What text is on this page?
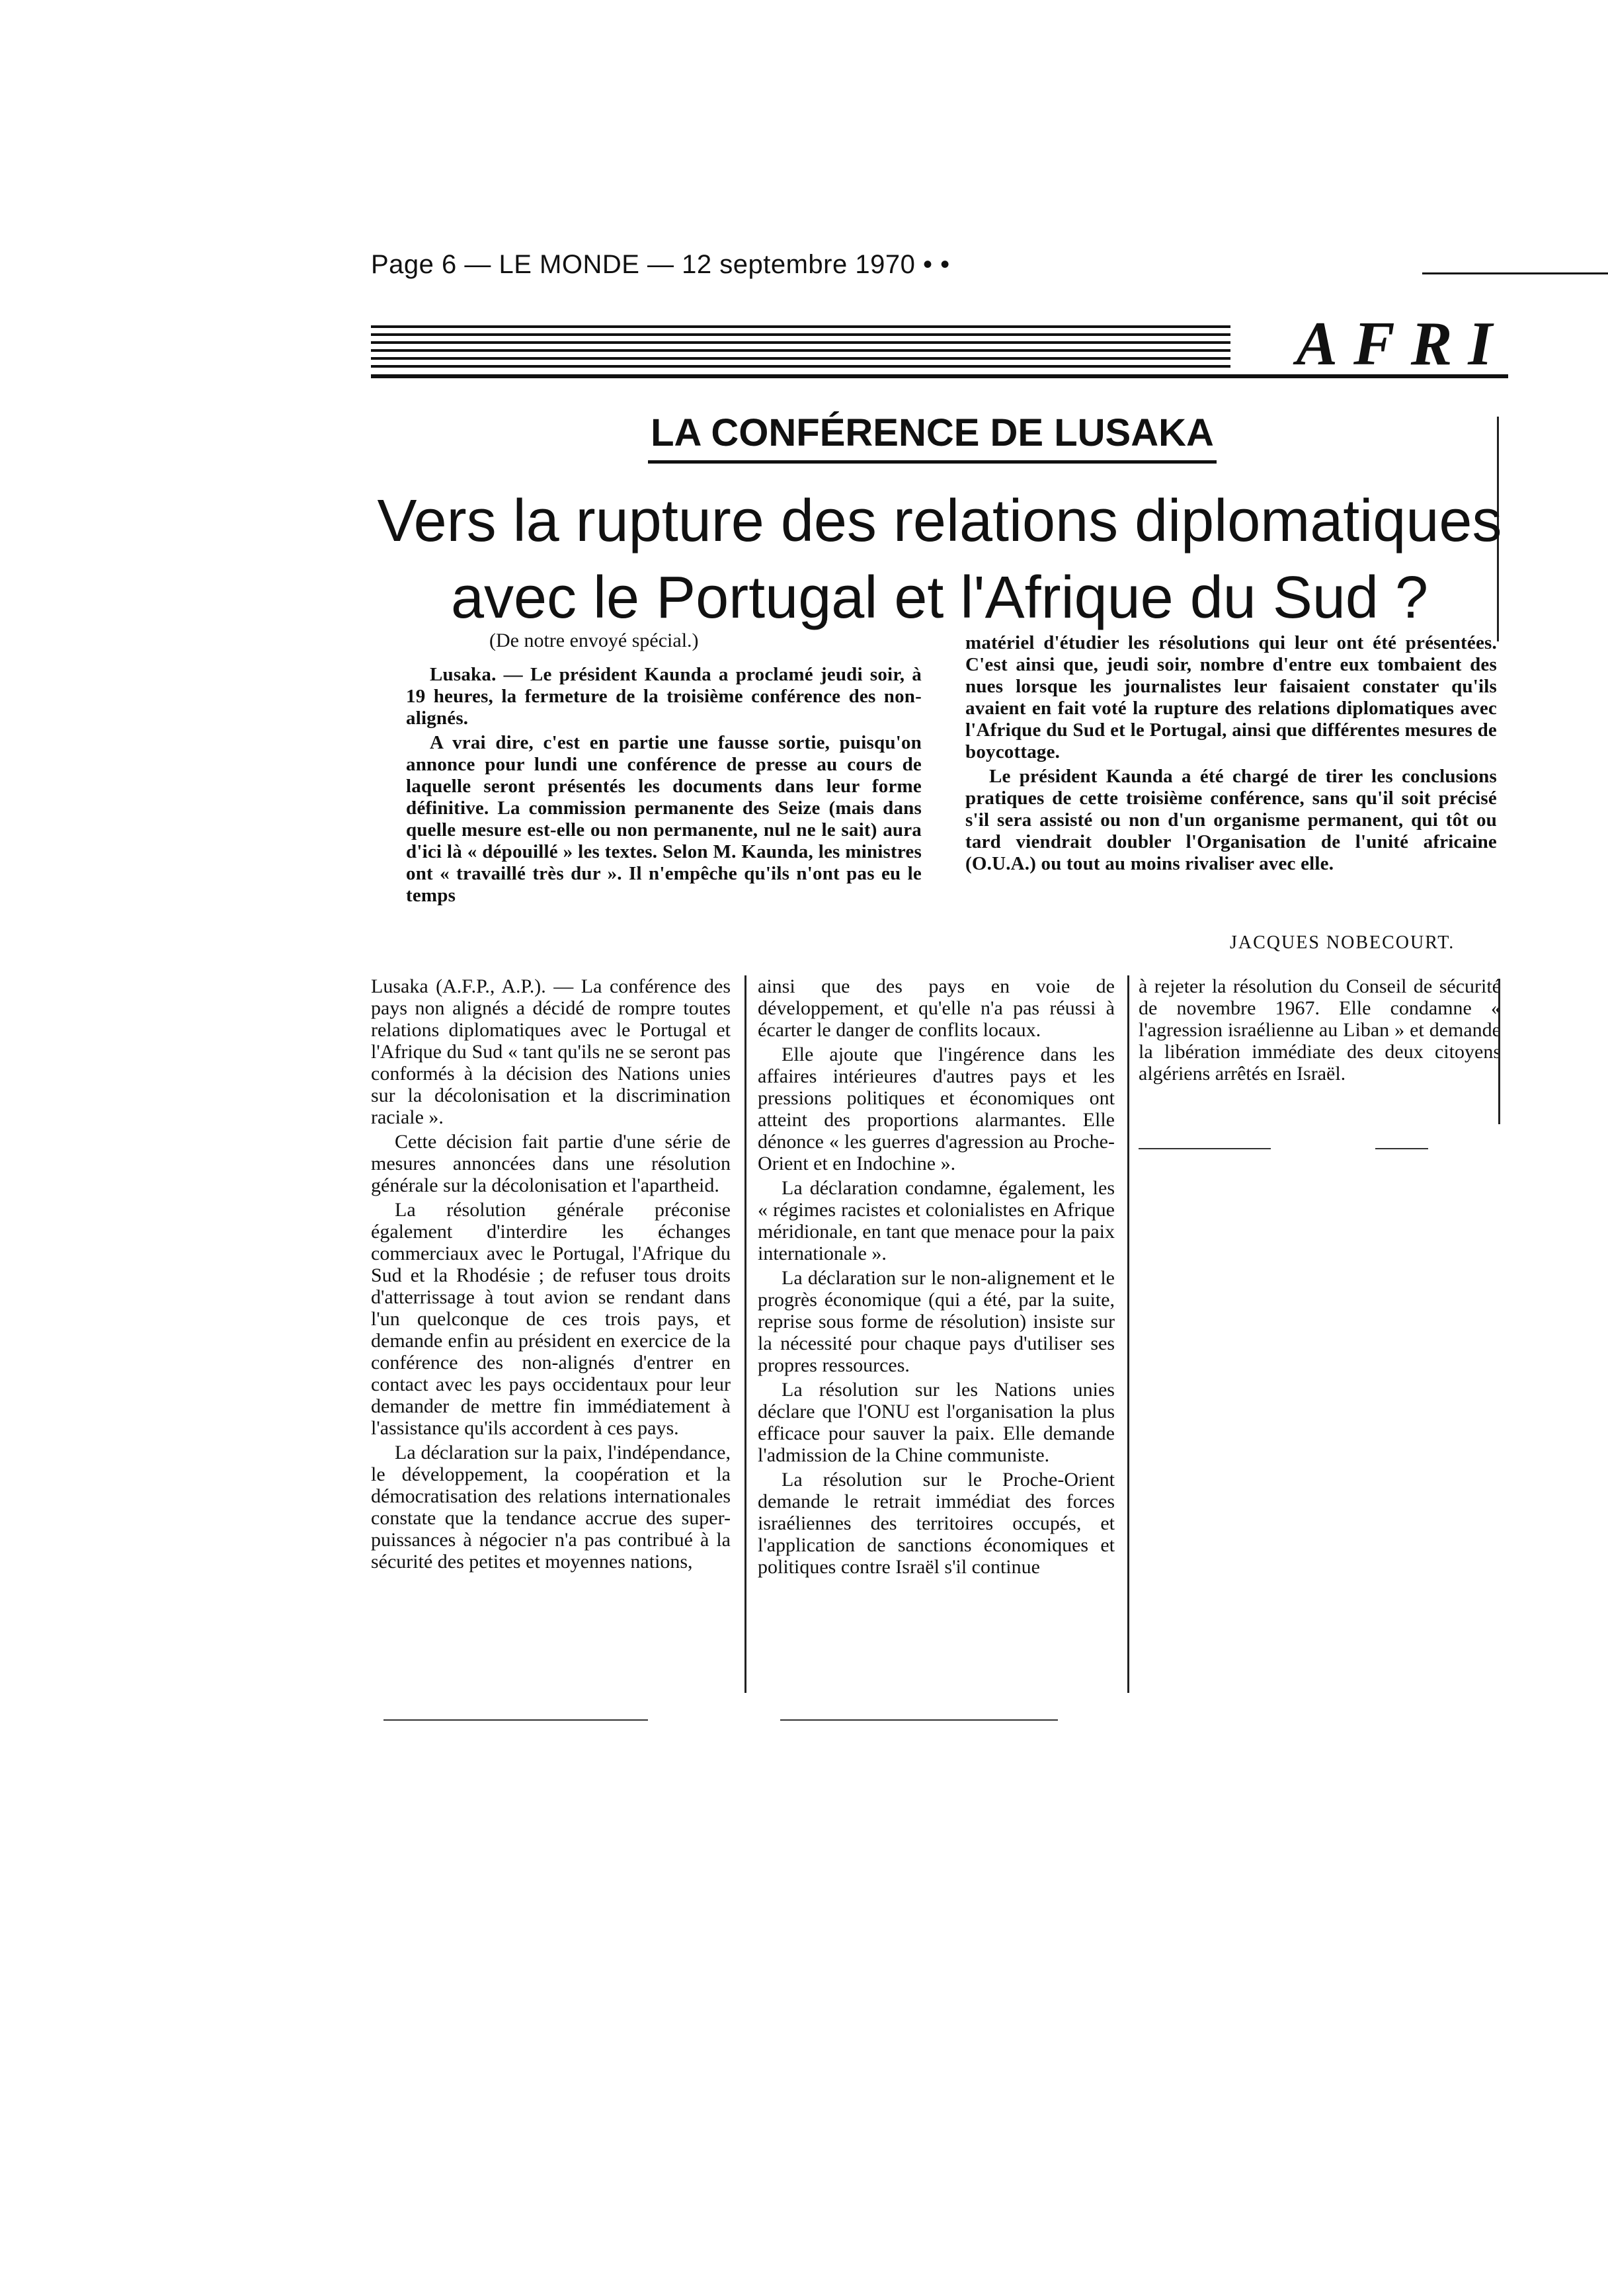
Page 6 — LE MONDE — 12 septembre 1970 • •
AFRI
LA CONFÉRENCE DE LUSAKA
Vers la rupture des relations diplomatiques
avec le Portugal et l'Afrique du Sud ?
(De notre envoyé spécial.)

Lusaka. — Le président Kaunda a proclamé jeudi soir, à 19 heures, la fermeture de la troisième conférence des non-alignés.

A vrai dire, c'est en partie une fausse sortie, puisqu'on annonce pour lundi une conférence de presse au cours de laquelle seront présentés les documents dans leur forme définitive. La commission permanente des Seize (mais dans quelle mesure est-elle ou non permanente, nul ne le sait) aura d'ici là « dépouillé » les textes. Selon M. Kaunda, les ministres ont « travaillé très dur ». Il n'empêche qu'ils n'ont pas eu le temps

matériel d'étudier les résolutions qui leur ont été présentées. C'est ainsi que, jeudi soir, nombre d'entre eux tombaient des nues lorsque les journalistes leur faisaient constater qu'ils avaient en fait voté la rupture des relations diplomatiques avec l'Afrique du Sud et le Portugal, ainsi que différentes mesures de boycottage.

Le président Kaunda a été chargé de tirer les conclusions pratiques de cette troisième conférence, sans qu'il soit précisé s'il sera assisté ou non d'un organisme permanent, qui tôt ou tard viendrait doubler l'Organisation de l'unité africaine (O.U.A.) ou tout au moins rivaliser avec elle.

JACQUES NOBECOURT.

Lusaka (A.F.P., A.P.). — La conférence des pays non alignés a décidé de rompre toutes relations diplomatiques avec le Portugal et l'Afrique du Sud « tant qu'ils ne se seront pas conformés à la décision des Nations unies sur la décolonisation et la discrimination raciale ».

Cette décision fait partie d'une série de mesures annoncées dans une résolution générale sur la décolonisation et l'apartheid.

La résolution générale préconise également d'interdire les échanges commerciaux avec le Portugal, l'Afrique du Sud et la Rhodésie ; de refuser tous droits d'atterrissage à tout avion se rendant dans l'un quelconque de ces trois pays, et demande enfin au président en exercice de la conférence des non-alignés d'entrer en contact avec les pays occidentaux pour leur demander de mettre fin immédiatement à l'assistance qu'ils accordent à ces pays.

La déclaration sur la paix, l'indépendance, le développement, la coopération et la démocratisation des relations internationales constate que la tendance accrue des super-puissances à négocier n'a pas contribué à la sécurité des petites et moyennes nations,

ainsi que des pays en voie de développement, et qu'elle n'a pas réussi à écarter le danger de conflits locaux.

Elle ajoute que l'ingérence dans les affaires intérieures d'autres pays et les pressions politiques et économiques ont atteint des proportions alarmantes. Elle dénonce « les guerres d'agression au Proche-Orient et en Indochine ».

La déclaration condamne, également, les « régimes racistes et colonialistes en Afrique méridionale, en tant que menace pour la paix internationale ».

La déclaration sur le non-alignement et le progrès économique (qui a été, par la suite, reprise sous forme de résolution) insiste sur la nécessité pour chaque pays d'utiliser ses propres ressources.

La résolution sur les Nations unies déclare que l'ONU est l'organisation la plus efficace pour sauver la paix. Elle demande l'admission de la Chine communiste.

La résolution sur le Proche-Orient demande le retrait immédiat des forces israéliennes des territoires occupés, et l'application de sanctions économiques et politiques contre Israël s'il continue

à rejeter la résolution du Conseil de sécurité de novembre 1967. Elle condamne « l'agression israélienne au Liban » et demande la libération immédiate des deux citoyens algériens arrêtés en Israël.
